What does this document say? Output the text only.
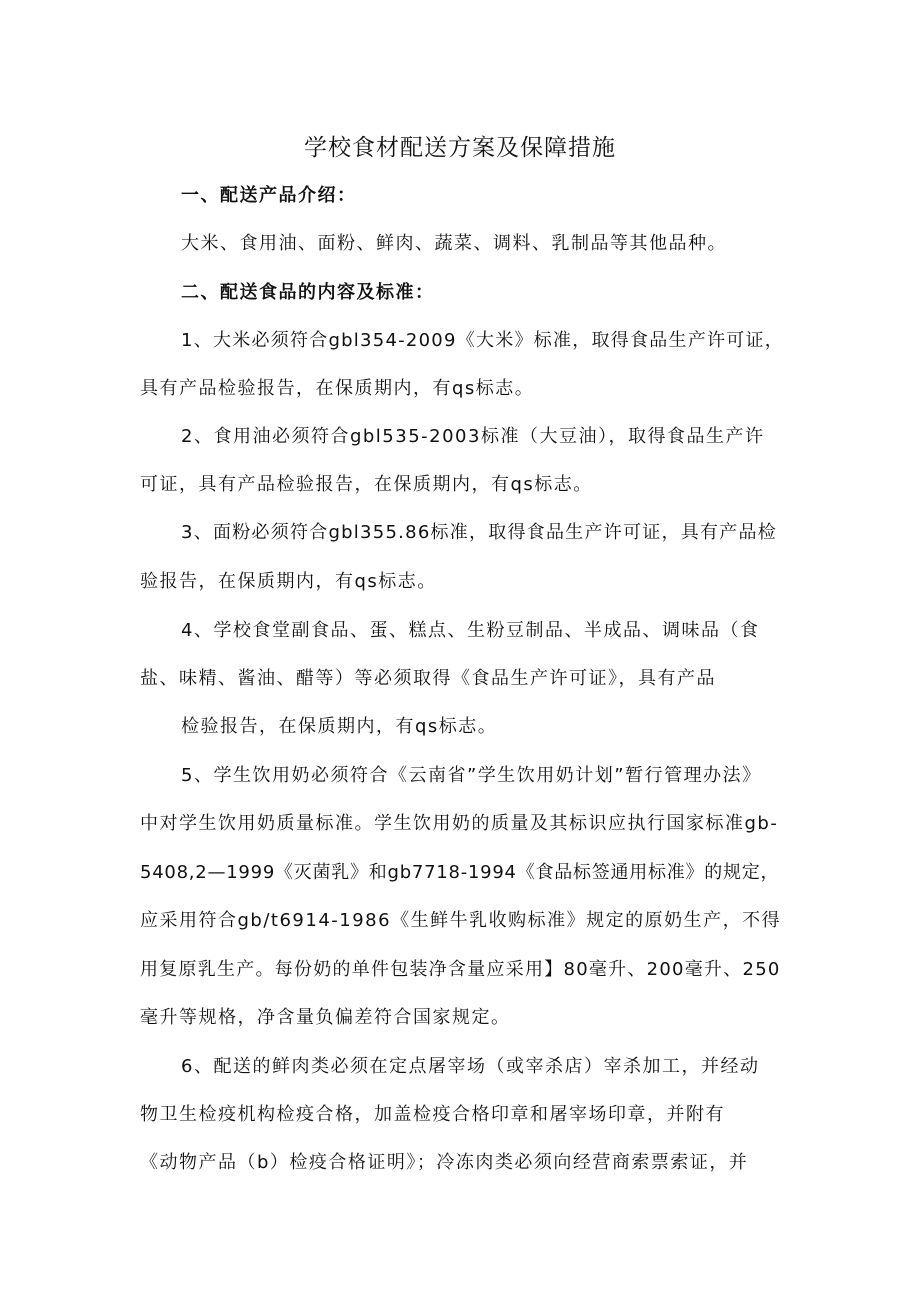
学校食材配送方案及保障措施
一、配送产品介绍：
大米、食用油、面粉、鲜肉、蔬菜、调料、乳制品等其他品种。
二、配送食品的内容及标准：
1、大米必须符合gbl354-2009《大米》标准，取得食品生产许可证，
具有产品检验报告，在保质期内，有qs标志。
2、食用油必须符合gbl535-2003标准（大豆油），取得食品生产许
可证，具有产品检验报告，在保质期内，有qs标志。
3、面粉必须符合gbl355.86标准，取得食品生产许可证，具有产品检
验报告，在保质期内，有qs标志。
4、学校食堂副食品、蛋、糕点、生粉豆制品、半成品、调味品（食
盐、味精、酱油、醋等）等必须取得《食品生产许可证》，具有产品
检验报告，在保质期内，有qs标志。
5、学生饮用奶必须符合《云南省”学生饮用奶计划”暂行管理办法》
中对学生饮用奶质量标准。学生饮用奶的质量及其标识应执行国家标准gb-
5408,2—1999《灭菌乳》和gb7718-1994《食品标签通用标准》的规定，
应采用符合gb/t6914-1986《生鲜牛乳收购标准》规定的原奶生产，不得
用复原乳生产。每份奶的单件包装净含量应采用】80毫升、200毫升、250
毫升等规格，净含量负偏差符合国家规定。
6、配送的鲜肉类必须在定点屠宰场（或宰杀店）宰杀加工，并经动
物卫生检疫机构检疫合格，加盖检疫合格印章和屠宰场印章，并附有
《动物产品（b）检疫合格证明》；冷冻肉类必须向经营商索票索证，并
